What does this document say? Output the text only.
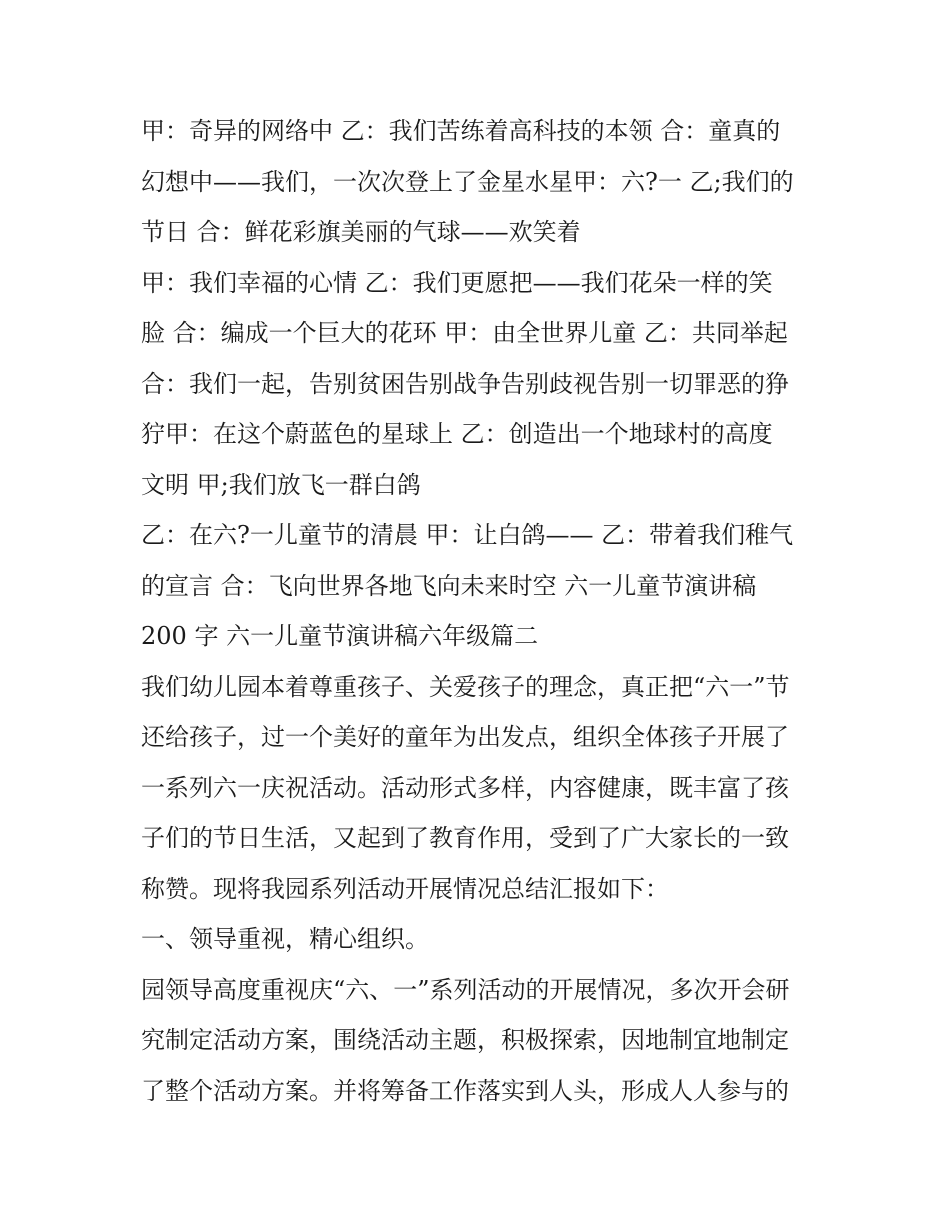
甲：奇异的网络中 乙：我们苦练着高科技的本领 合：童真的
幻想中——我们，一次次登上了金星水星甲：六?一 乙;我们的
节日 合：鲜花彩旗美丽的气球——欢笑着
甲：我们幸福的心情 乙：我们更愿把——我们花朵一样的笑
脸 合：编成一个巨大的花环 甲：由全世界儿童 乙：共同举起
合：我们一起，告别贫困告别战争告别歧视告别一切罪恶的狰
狞甲：在这个蔚蓝色的星球上 乙：创造出一个地球村的高度
文明 甲;我们放飞一群白鸽
乙：在六?一儿童节的清晨 甲：让白鸽—— 乙：带着我们稚气
的宣言 合：飞向世界各地飞向未来时空 六一儿童节演讲稿
200 字 六一儿童节演讲稿六年级篇二
我们幼儿园本着尊重孩子、关爱孩子的理念，真正把“六一”节
还给孩子，过一个美好的童年为出发点，组织全体孩子开展了
一系列六一庆祝活动。活动形式多样，内容健康，既丰富了孩
子们的节日生活，又起到了教育作用，受到了广大家长的一致
称赞。现将我园系列活动开展情况总结汇报如下：
一、领导重视，精心组织。
园领导高度重视庆“六、一”系列活动的开展情况，多次开会研
究制定活动方案，围绕活动主题，积极探索，因地制宜地制定
了整个活动方案。并将筹备工作落实到人头，形成人人参与的
